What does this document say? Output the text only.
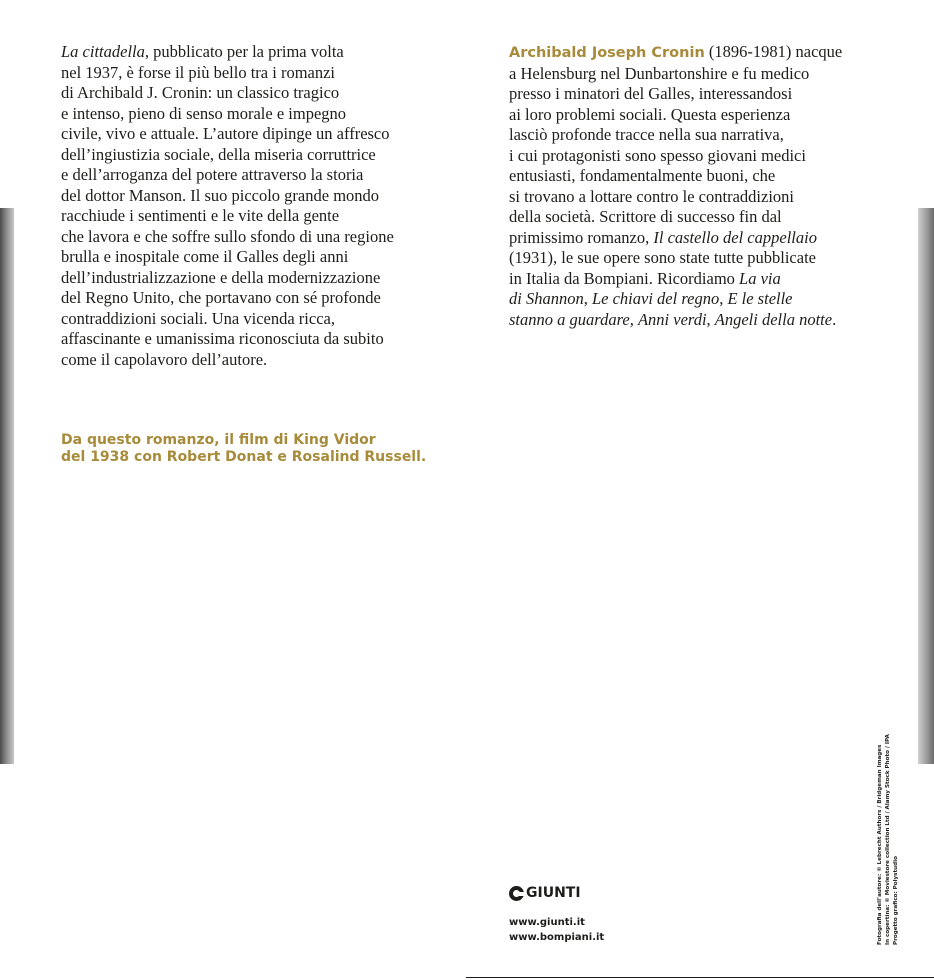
La cittadella, pubblicato per la prima volta
nel 1937, è forse il più bello tra i romanzi
di Archibald J. Cronin: un classico tragico
e intenso, pieno di senso morale e impegno
civile, vivo e attuale. L’autore dipinge un affresco
dell’ingiustizia sociale, della miseria corruttrice
e dell’arroganza del potere attraverso la storia
del dottor Manson. Il suo piccolo grande mondo
racchiude i sentimenti e le vite della gente
che lavora e che soffre sullo sfondo di una regione
brulla e inospitale come il Galles degli anni
dell’industrializzazione e della modernizzazione
del Regno Unito, che portavano con sé profonde
contraddizioni sociali. Una vicenda ricca,
affascinante e umanissima riconosciuta da subito
come il capolavoro dell’autore.
Da questo romanzo, il film di King Vidor
del 1938 con Robert Donat e Rosalind Russell.
Archibald Joseph Cronin (1896-1981) nacque
a Helensburg nel Dunbartonshire e fu medico
presso i minatori del Galles, interessandosi
ai loro problemi sociali. Questa esperienza
lasciò profonde tracce nella sua narrativa,
i cui protagonisti sono spesso giovani medici
entusiasti, fondamentalmente buoni, che
si trovano a lottare contro le contraddizioni
della società. Scrittore di successo fin dal
primissimo romanzo, Il castello del cappellaio
(1931), le sue opere sono state tutte pubblicate
in Italia da Bompiani. Ricordiamo La via
di Shannon, Le chiavi del regno, E le stelle
stanno a guardare, Anni verdi, Angeli della notte.
GIUNTI
www.giunti.it
www.bompiani.it	Fotografia dell’autore: © Lebrecht Authors / Bridgeman Images In copertina: © Moviestore collection Ltd / Alamy Stock Photo / IPA Progetto grafico: Polystudio
